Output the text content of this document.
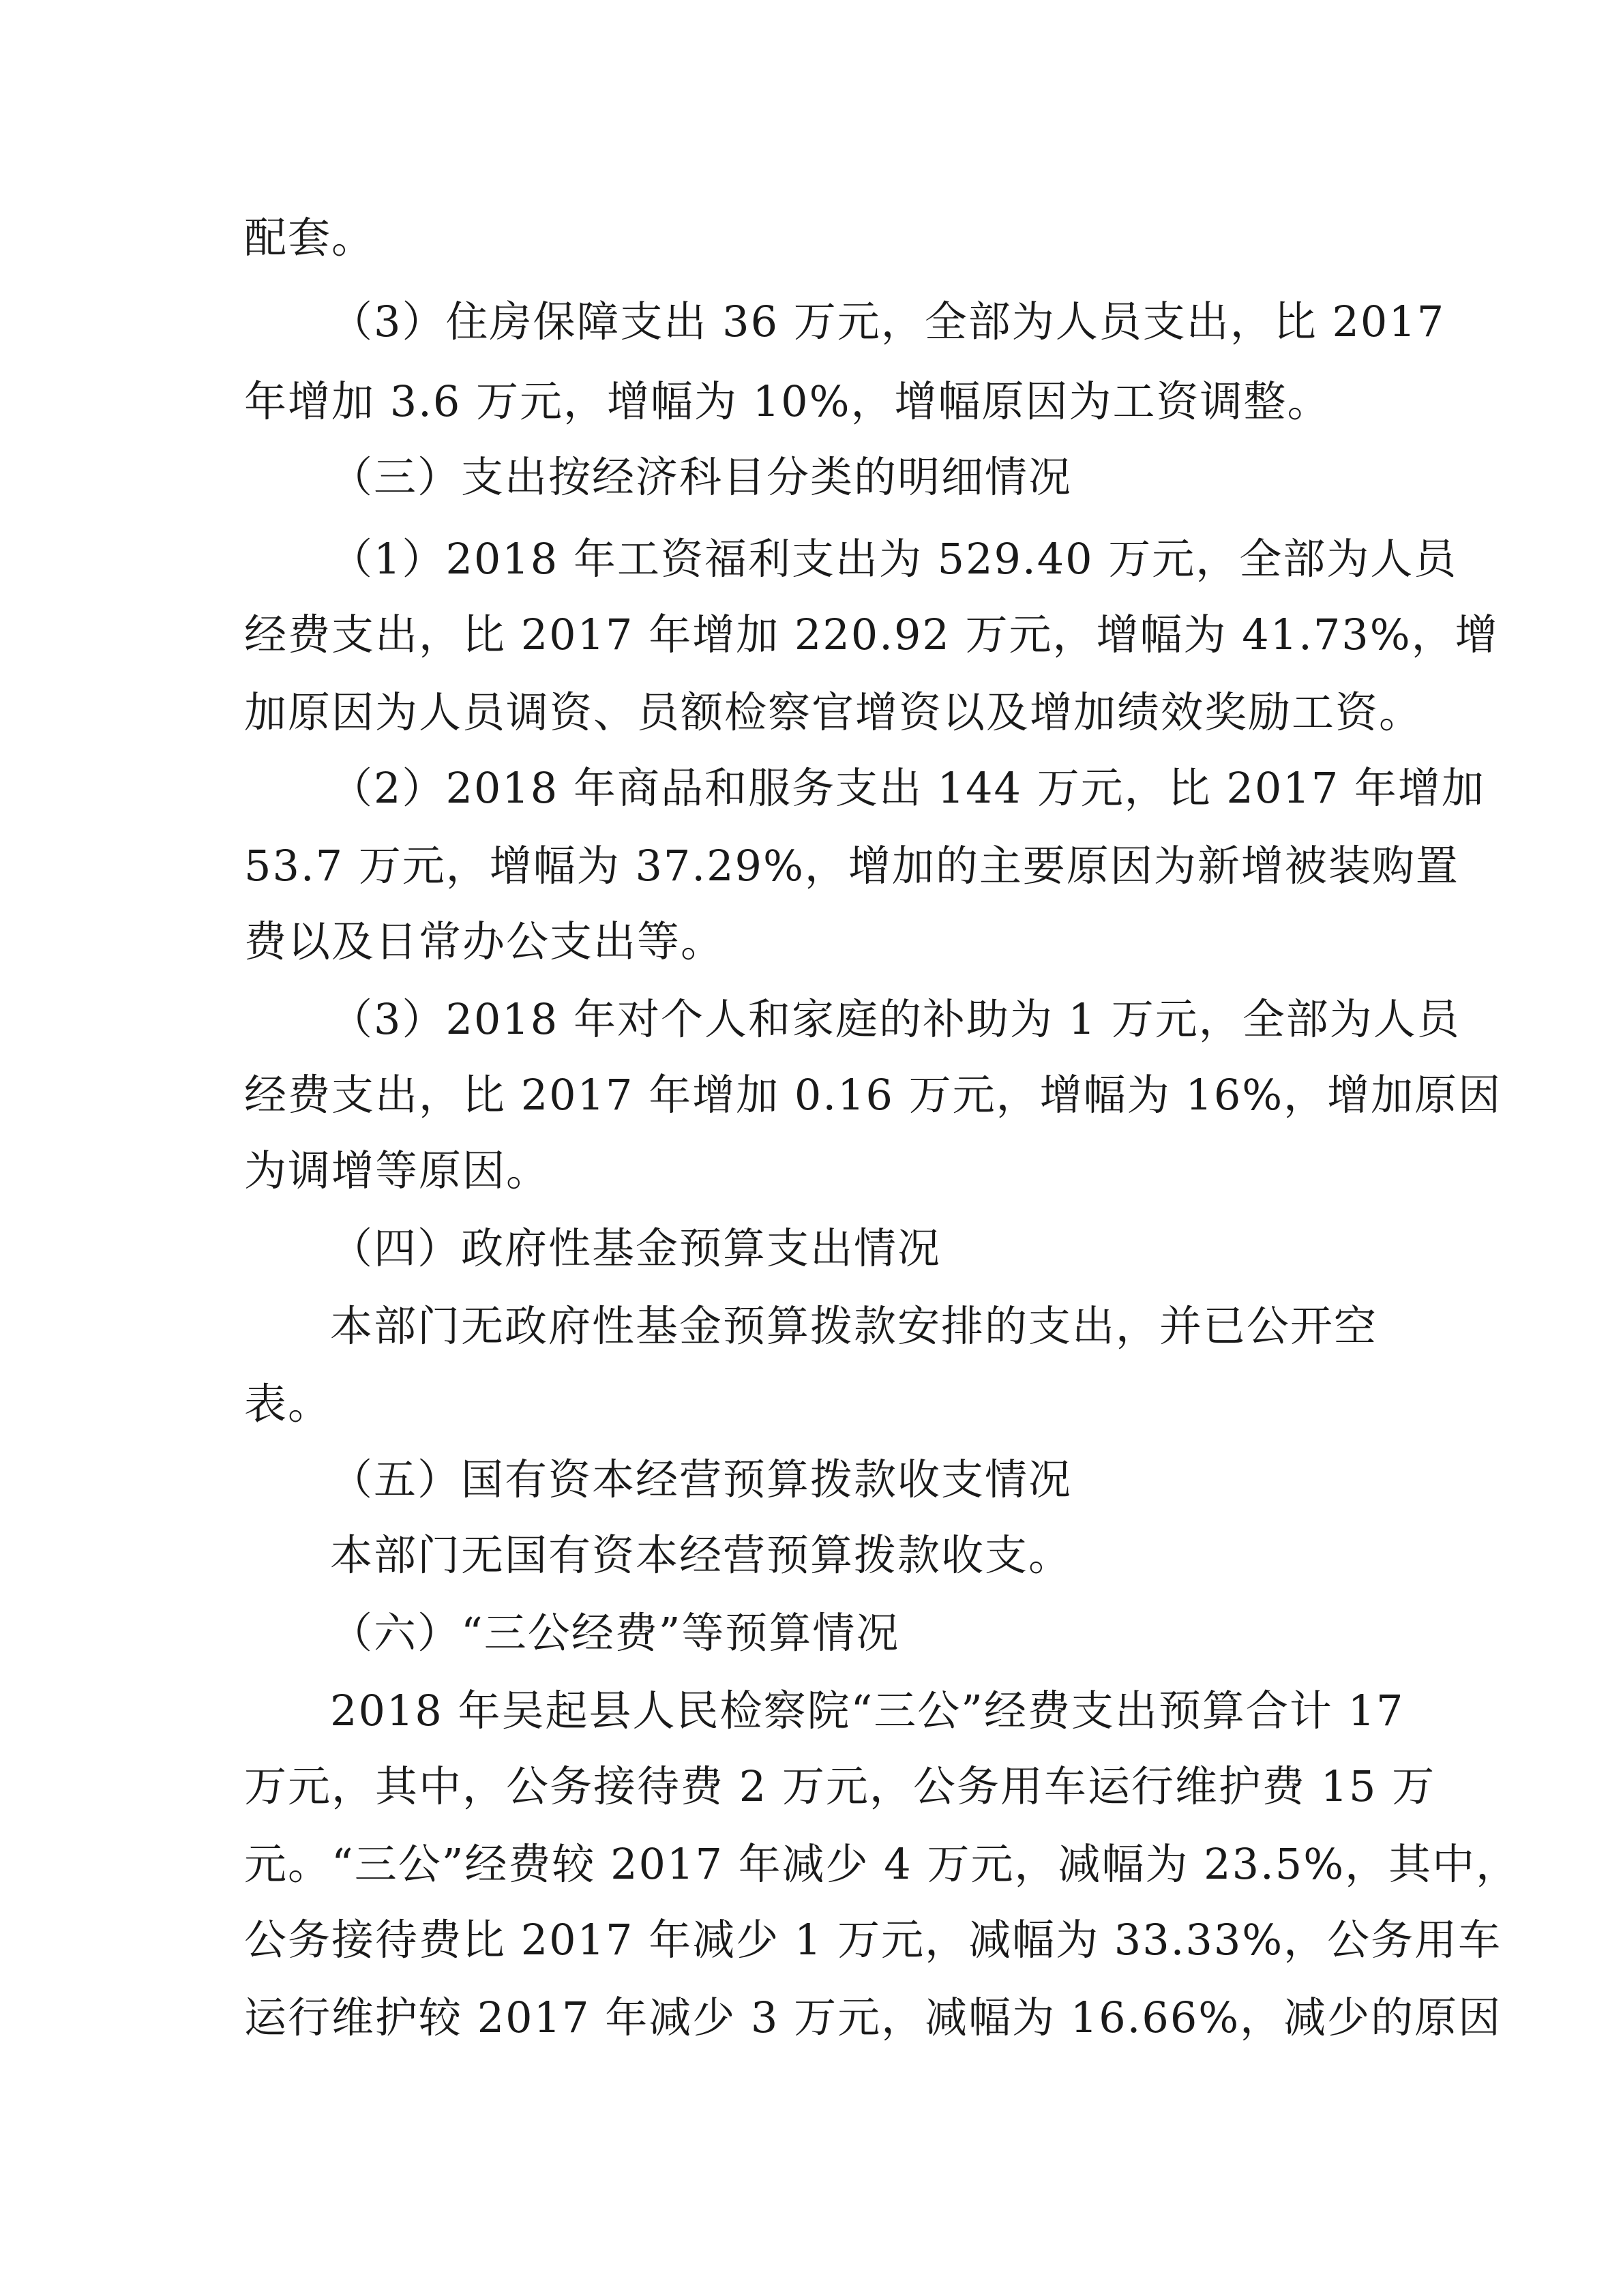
配套。
（3）住房保障支出 36 万元，全部为人员支出，比 2017
年增加 3.6 万元，增幅为 10%，增幅原因为工资调整。
（三）支出按经济科目分类的明细情况
（1）2018 年工资福利支出为 529.40 万元，全部为人员
经费支出，比 2017 年增加 220.92 万元，增幅为 41.73%，增
加原因为人员调资、员额检察官增资以及增加绩效奖励工资。
（2）2018 年商品和服务支出 144 万元，比 2017 年增加
53.7 万元，增幅为 37.29%，增加的主要原因为新增被装购置
费以及日常办公支出等。
（3）2018 年对个人和家庭的补助为 1 万元，全部为人员
经费支出，比 2017 年增加 0.16 万元，增幅为 16%，增加原因
为调增等原因。
（四）政府性基金预算支出情况
本部门无政府性基金预算拨款安排的支出，并已公开空
表。
（五）国有资本经营预算拨款收支情况
本部门无国有资本经营预算拨款收支。
（六）“三公经费”等预算情况
2018 年吴起县人民检察院“三公”经费支出预算合计 17
万元，其中，公务接待费 2 万元，公务用车运行维护费 15 万
元。“三公”经费较 2017 年减少 4 万元，减幅为 23.5%，其中，
公务接待费比 2017 年减少 1 万元，减幅为 33.33%，公务用车
运行维护较 2017 年减少 3 万元，减幅为 16.66%，减少的原因
